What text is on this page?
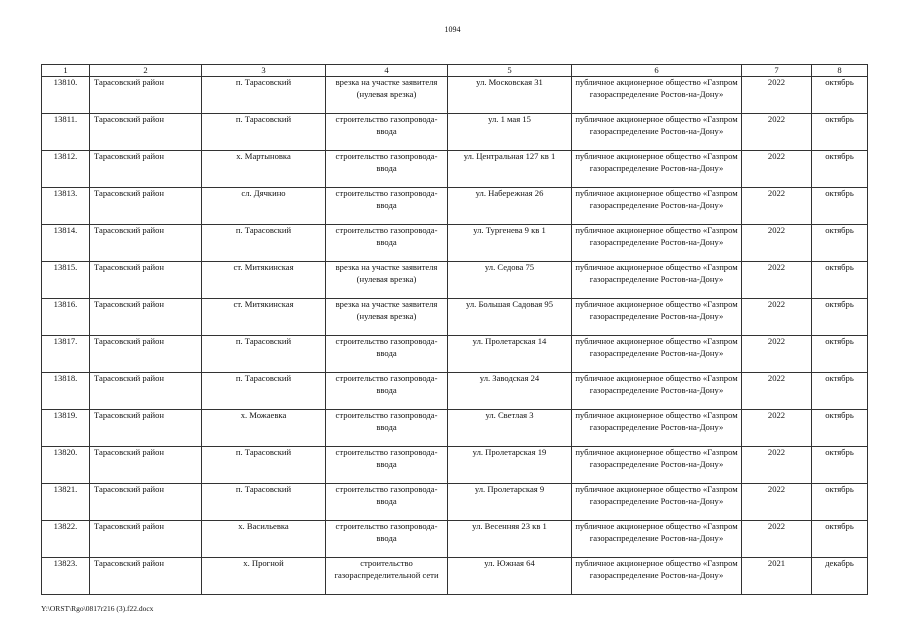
1094
1	2	3	4	5	6	7	8
13810.	Тарасовский район	п. Тарасовский	врезка на участке заявителя (нулевая врезка)	ул. Московская 31	публичное акционерное общество «Газпром газораспределение Ростов-на-Дону»	2022	октябрь
13811.	Тарасовский район	п. Тарасовский	строительство газопровода-ввода	ул. 1 мая 15	публичное акционерное общество «Газпром газораспределение Ростов-на-Дону»	2022	октябрь
13812.	Тарасовский район	х. Мартыновка	строительство газопровода-ввода	ул. Центральная 127 кв 1	публичное акционерное общество «Газпром газораспределение Ростов-на-Дону»	2022	октябрь
13813.	Тарасовский район	сл. Дячкино	строительство газопровода-ввода	ул. Набережная 26	публичное акционерное общество «Газпром газораспределение Ростов-на-Дону»	2022	октябрь
13814.	Тарасовский район	п. Тарасовский	строительство газопровода-ввода	ул. Тургенева 9 кв 1	публичное акционерное общество «Газпром газораспределение Ростов-на-Дону»	2022	октябрь
13815.	Тарасовский район	ст. Митякинская	врезка на участке заявителя (нулевая врезка)	ул. Седова 75	публичное акционерное общество «Газпром газораспределение Ростов-на-Дону»	2022	октябрь
13816.	Тарасовский район	ст. Митякинская	врезка на участке заявителя (нулевая врезка)	ул. Большая Садовая 95	публичное акционерное общество «Газпром газораспределение Ростов-на-Дону»	2022	октябрь
13817.	Тарасовский район	п. Тарасовский	строительство газопровода-ввода	ул. Пролетарская 14	публичное акционерное общество «Газпром газораспределение Ростов-на-Дону»	2022	октябрь
13818.	Тарасовский район	п. Тарасовский	строительство газопровода-ввода	ул. Заводская 24	публичное акционерное общество «Газпром газораспределение Ростов-на-Дону»	2022	октябрь
13819.	Тарасовский район	х. Можаевка	строительство газопровода-ввода	ул. Светлая 3	публичное акционерное общество «Газпром газораспределение Ростов-на-Дону»	2022	октябрь
13820.	Тарасовский район	п. Тарасовский	строительство газопровода-ввода	ул. Пролетарская 19	публичное акционерное общество «Газпром газораспределение Ростов-на-Дону»	2022	октябрь
13821.	Тарасовский район	п. Тарасовский	строительство газопровода-ввода	ул. Пролетарская 9	публичное акционерное общество «Газпром газораспределение Ростов-на-Дону»	2022	октябрь
13822.	Тарасовский район	х. Васильевка	строительство газопровода-ввода	ул. Весенняя 23 кв 1	публичное акционерное общество «Газпром газораспределение Ростов-на-Дону»	2022	октябрь
13823.	Тарасовский район	х. Прогной	строительство газораспределительной сети	ул. Южная 64	публичное акционерное общество «Газпром газораспределение Ростов-на-Дону»	2021	декабрь
Y:\ORST\Rgo\0817r216 (3).f22.docx
